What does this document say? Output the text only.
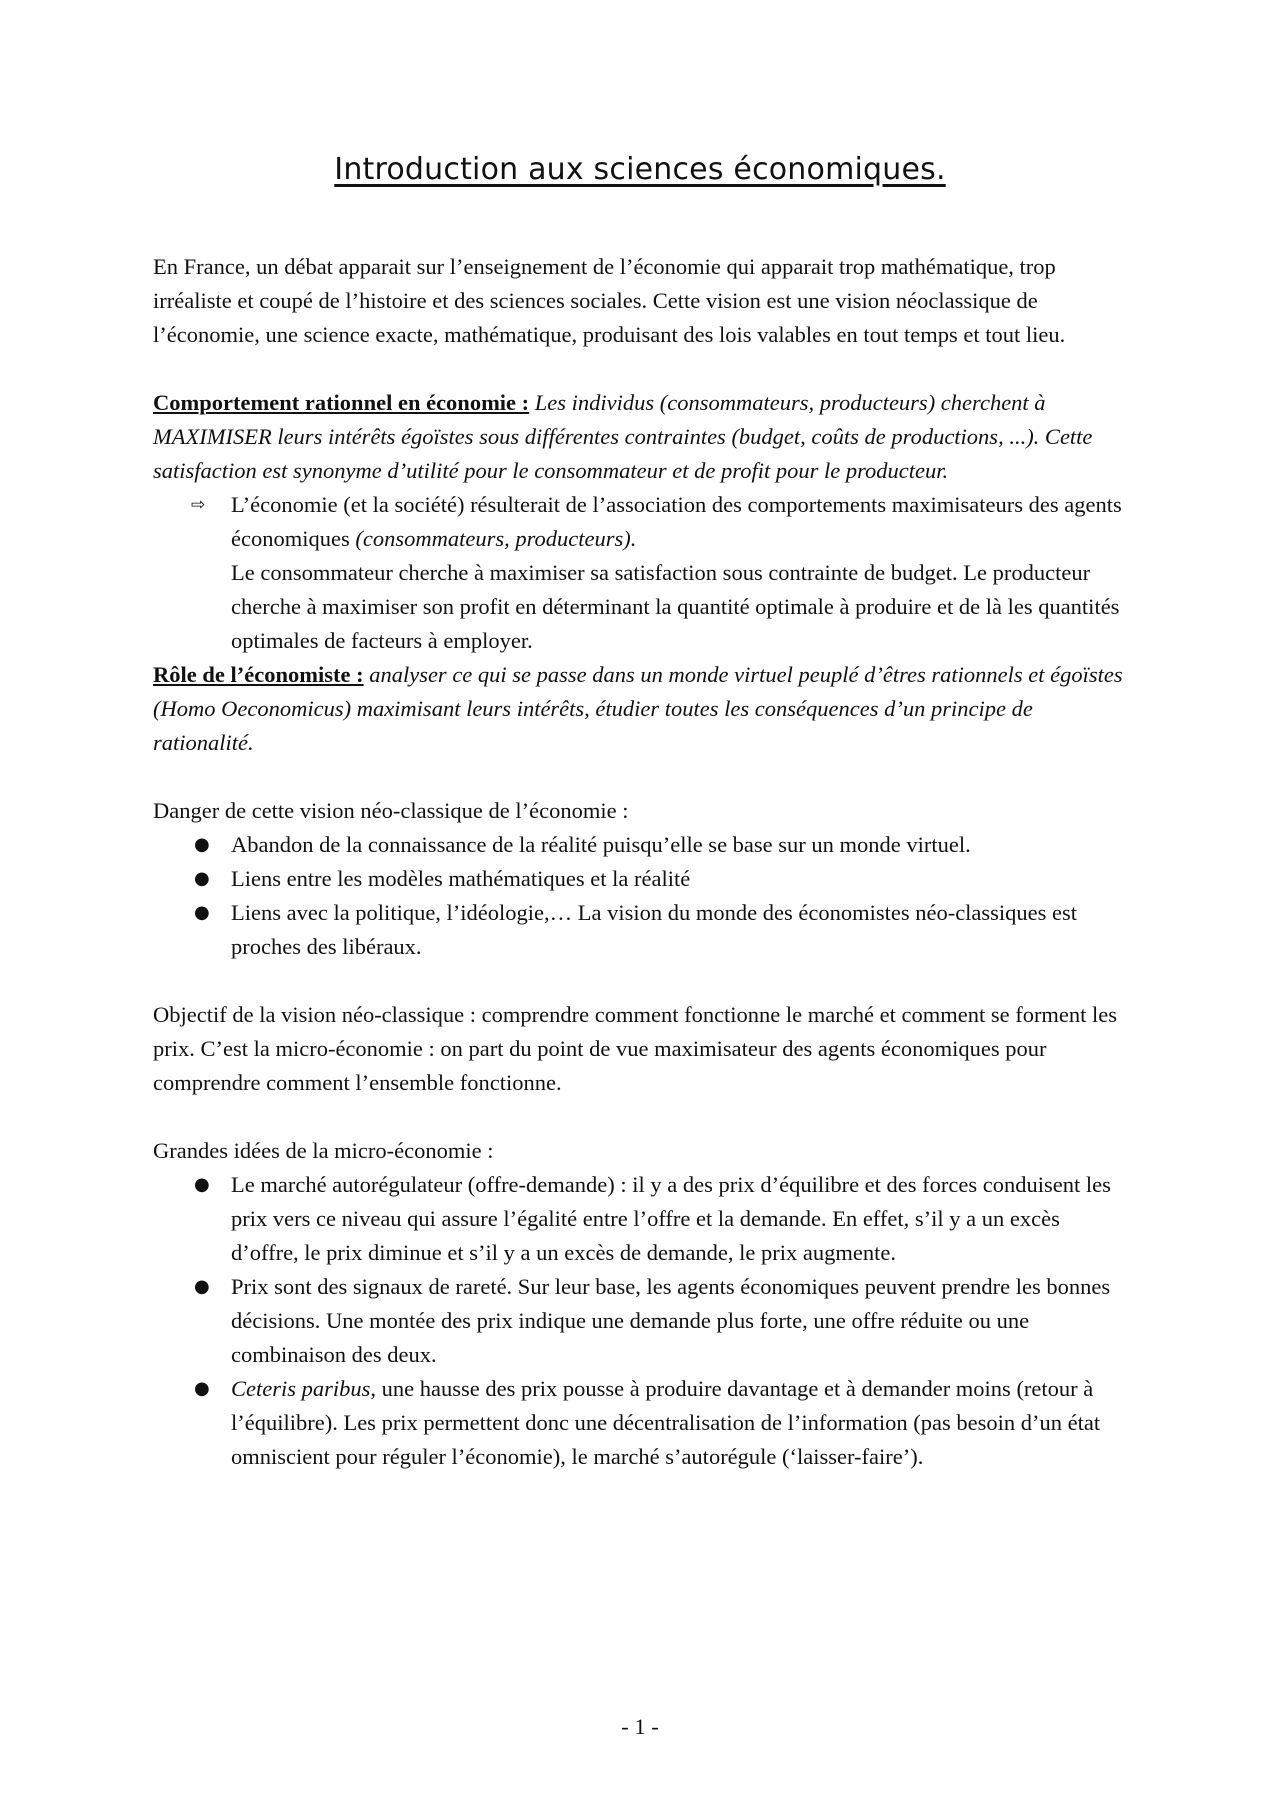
Introduction aux sciences économiques.

En France, un débat apparait sur l’enseignement de l’économie qui apparait trop mathématique, trop irréaliste et coupé de l’histoire et des sciences sociales. Cette vision est une vision néoclassique de l’économie, une science exacte, mathématique, produisant des lois valables en tout temps et tout lieu.

Comportement rationnel en économie : Les individus (consommateurs, producteurs) cherchent à MAXIMISER leurs intérêts égoïstes sous différentes contraintes (budget, coûts de productions, ...). Cette satisfaction est synonyme d’utilité pour le consommateur et de profit pour le producteur.

⇨ L’économie (et la société) résulterait de l’association des comportements maximisateurs des agents économiques (consommateurs, producteurs).

Le consommateur cherche à maximiser sa satisfaction sous contrainte de budget. Le producteur cherche à maximiser son profit en déterminant la quantité optimale à produire et de là les quantités optimales de facteurs à employer.

Rôle de l’économiste : analyser ce qui se passe dans un monde virtuel peuplé d’êtres rationnels et égoïstes (Homo Oeconomicus) maximisant leurs intérêts, étudier toutes les conséquences d’un principe de rationalité.

Danger de cette vision néo-classique de l’économie :

● Abandon de la connaissance de la réalité puisqu’elle se base sur un monde virtuel.
● Liens entre les modèles mathématiques et la réalité
● Liens avec la politique, l’idéologie,… La vision du monde des économistes néo-classiques est proches des libéraux.

Objectif de la vision néo-classique : comprendre comment fonctionne le marché et comment se forment les prix. C’est la micro-économie : on part du point de vue maximisateur des agents économiques pour comprendre comment l’ensemble fonctionne.

Grandes idées de la micro-économie :

● Le marché autorégulateur (offre-demande) : il y a des prix d’équilibre et des forces conduisent les prix vers ce niveau qui assure l’égalité entre l’offre et la demande. En effet, s’il y a un excès d’offre, le prix diminue et s’il y a un excès de demande, le prix augmente.
● Prix sont des signaux de rareté. Sur leur base, les agents économiques peuvent prendre les bonnes décisions. Une montée des prix indique une demande plus forte, une offre réduite ou une combinaison des deux.
● Ceteris paribus, une hausse des prix pousse à produire davantage et à demander moins (retour à l’équilibre). Les prix permettent donc une décentralisation de l’information (pas besoin d’un état omniscient pour réguler l’économie), le marché s’autorégule (‘laisser-faire’).
- 1 -
